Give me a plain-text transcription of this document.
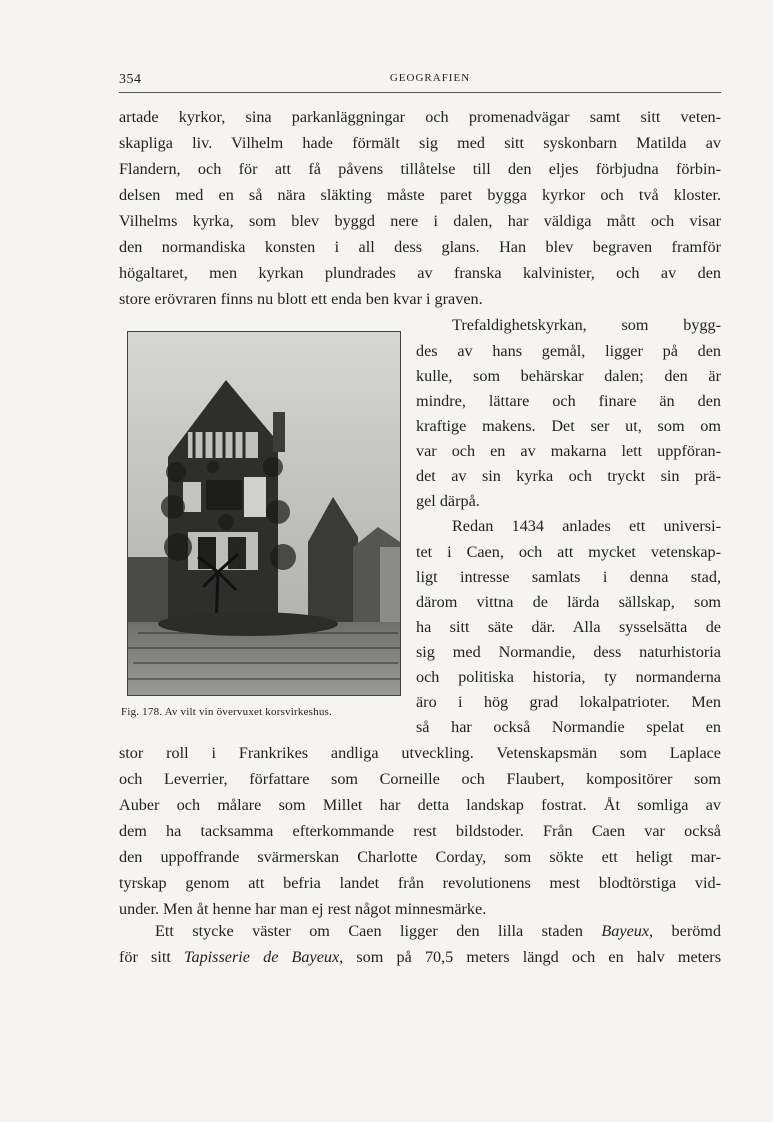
354	GEOGRAFIEN
artade kyrkor, sina parkanläggningar och promenadvägar samt sitt veten-
skapliga liv. Vilhelm hade förmält sig med sitt syskonbarn Matilda av
Flandern, och för att få påvens tillåtelse till den eljes förbjudna förbin-
delsen med en så nära släkting måste paret bygga kyrkor och två kloster.
Vilhelms kyrka, som blev byggd nere i dalen, har väldiga mått och visar
den normandiska konsten i all dess glans. Han blev begraven framför
högaltaret, men kyrkan plundrades av franska kalvinister, och av den
store erövraren finns nu blott ett enda ben kvar i graven.
Fig. 178. Av vilt vin övervuxet korsvirkeshus.
Trefaldighetskyrkan, som bygg-
des av hans gemål, ligger på den
kulle, som behärskar dalen; den är
mindre, lättare och finare än den
kraftige makens. Det ser ut, som om
var och en av makarna lett uppföran-
det av sin kyrka och tryckt sin prä-
gel därpå.
Redan 1434 anlades ett universi-
tet i Caen, och att mycket vetenskap-
ligt intresse samlats i denna stad,
därom vittna de lärda sällskap, som
ha sitt säte där. Alla sysselsätta de
sig med Normandie, dess naturhistoria
och politiska historia, ty normanderna
äro i hög grad lokalpatrioter. Men
så har också Normandie spelat en
stor roll i Frankrikes andliga utveckling. Vetenskapsmän som Laplace
och Leverrier, författare som Corneille och Flaubert, kompositörer som
Auber och målare som Millet har detta landskap fostrat. Åt somliga av
dem ha tacksamma efterkommande rest bildstoder. Från Caen var också
den uppoffrande svärmerskan Charlotte Corday, som sökte ett heligt mar-
tyrskap genom att befria landet från revolutionens mest blodtörstiga vid-
under. Men åt henne har man ej rest något minnesmärke.
Ett stycke väster om Caen ligger den lilla staden Bayeux, berömd
för sitt Tapisserie de Bayeux, som på 70,5 meters längd och en halv meters
